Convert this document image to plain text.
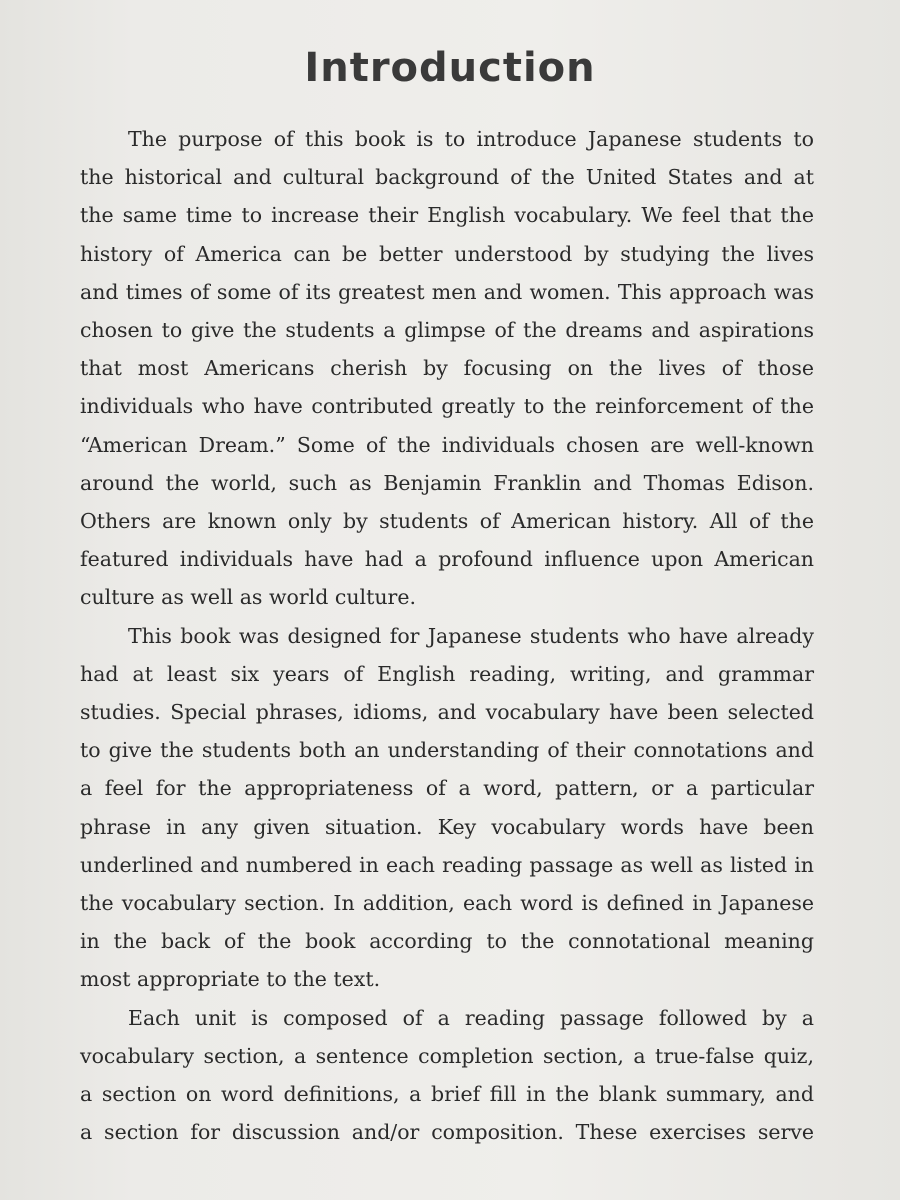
Introduction

The purpose of this book is to introduce Japanese students to
the historical and cultural background of the United States and at
the same time to increase their English vocabulary. We feel that the
history of America can be better understood by studying the lives
and times of some of its greatest men and women. This approach was
chosen to give the students a glimpse of the dreams and aspirations
that most Americans cherish by focusing on the lives of those
individuals who have contributed greatly to the reinforcement of the
“American Dream.” Some of the individuals chosen are well-known
around the world, such as Benjamin Franklin and Thomas Edison.
Others are known only by students of American history. All of the
featured individuals have had a profound influence upon American
culture as well as world culture.

This book was designed for Japanese students who have already
had at least six years of English reading, writing, and grammar
studies. Special phrases, idioms, and vocabulary have been selected
to give the students both an understanding of their connotations and
a feel for the appropriateness of a word, pattern, or a particular
phrase in any given situation. Key vocabulary words have been
underlined and numbered in each reading passage as well as listed in
the vocabulary section. In addition, each word is defined in Japanese
in the back of the book according to the connotational meaning
most appropriate to the text.

Each unit is composed of a reading passage followed by a
vocabulary section, a sentence completion section, a true-false quiz,
a section on word definitions, a brief fill in the blank summary, and
a section for discussion and/or composition. These exercises serve
